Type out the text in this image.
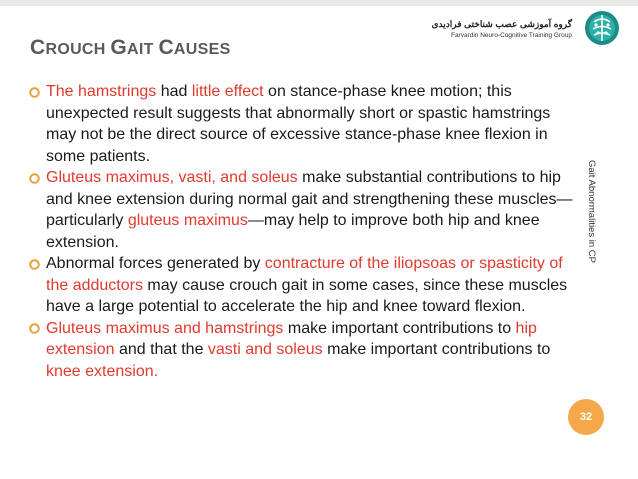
CROUCH GAIT CAUSES
گروه آموزشی عصب شناختی فرادیدی
Farvardin Neuro-Cognitive Training Group
Gait Abnormalities in CP
32

The hamstrings had little effect on stance-phase knee motion; this unexpected result suggests that abnormally short or spastic hamstrings may not be the direct source of excessive stance-phase knee flexion in some patients.

Gluteus maximus, vasti, and soleus make substantial contributions to hip and knee extension during normal gait and strengthening these muscles— particularly gluteus maximus—may help to improve both hip and knee extension.

Abnormal forces generated by contracture of the iliopsoas or spasticity of the adductors may cause crouch gait in some cases, since these muscles have a large potential to accelerate the hip and knee toward flexion.

Gluteus maximus and hamstrings make important contributions to hip extension and that the vasti and soleus make important contributions to knee extension.
